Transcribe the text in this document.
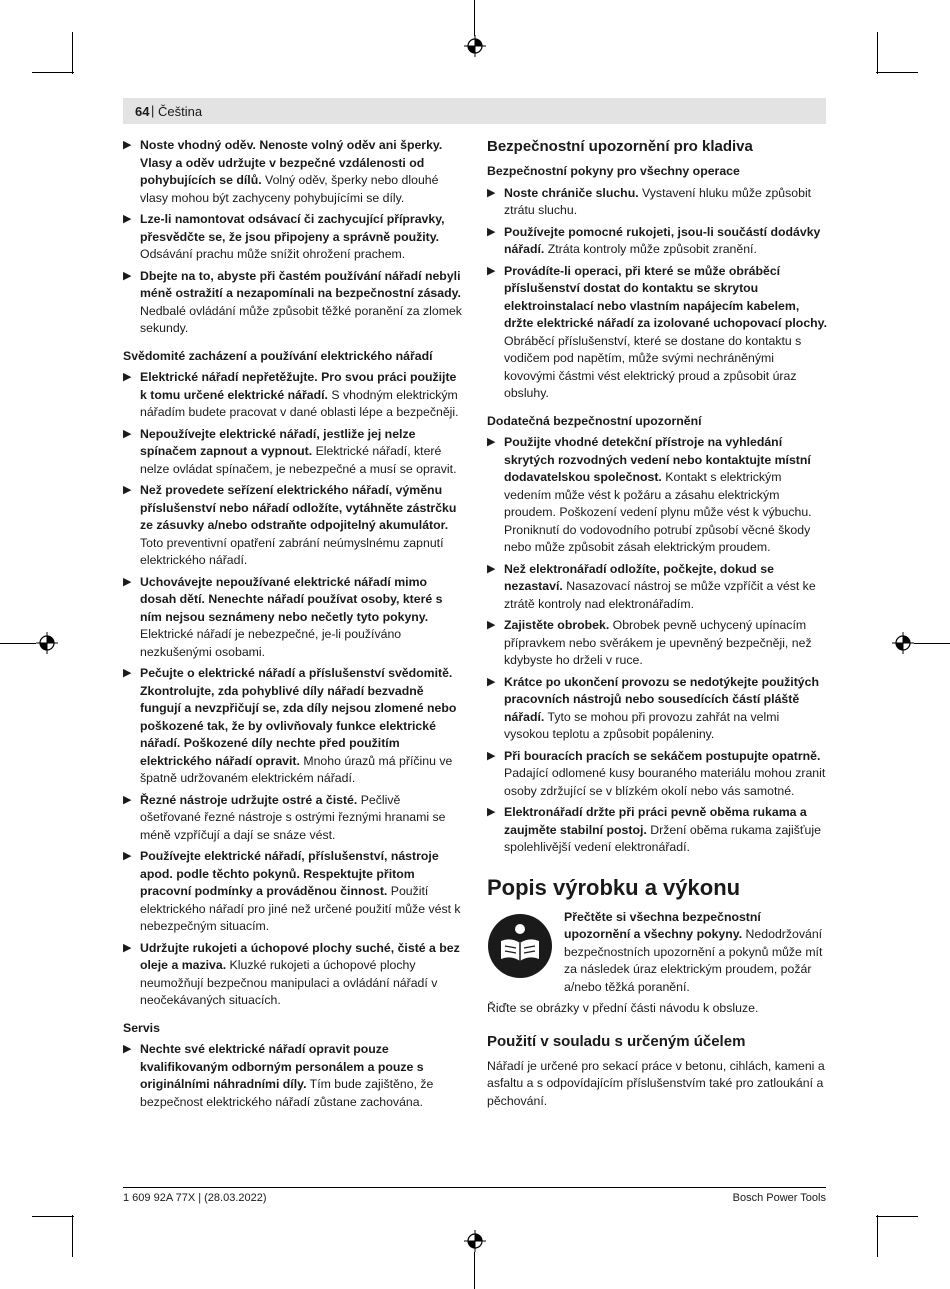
64 | Čeština
▶ Noste vhodný oděv. Nenoste volný oděv ani šperky. Vlasy a oděv udržujte v bezpečné vzdálenosti od pohybujících se dílů. Volný oděv, šperky nebo dlouhé vlasy mohou být zachyceny pohybujícími se díly.
▶ Lze-li namontovat odsávací či zachycující přípravky, přesvědčte se, že jsou připojeny a správně použity. Odsávání prachu může snížit ohrožení prachem.
▶ Dbejte na to, abyste při častém používání nářadí nebyli méně ostražití a nezapomínali na bezpečnostní zásady. Nedbalé ovládání může způsobit těžké poranění za zlomek sekundy.
Svědomité zacházení a používání elektrického nářadí
▶ Elektrické nářadí nepřetěžujte. Pro svou práci použijte k tomu určené elektrické nářadí. S vhodným elektrickým nářadím budete pracovat v dané oblasti lépe a bezpečněji.
▶ Nepoužívejte elektrické nářadí, jestliže jej nelze spínačem zapnout a vypnout. Elektrické nářadí, které nelze ovládat spínačem, je nebezpečné a musí se opravit.
▶ Než provedete seřízení elektrického nářadí, výměnu příslušenství nebo nářadí odložíte, vytáhněte zástrčku ze zásuvky a/nebo odstraňte odpojitelný akumulátor. Toto preventivní opatření zabrání neúmyslnému zapnutí elektrického nářadí.
▶ Uchovávejte nepoužívané elektrické nářadí mimo dosah dětí. Nenechte nářadí používat osoby, které s ním nejsou seznámeny nebo nečetly tyto pokyny. Elektrické nářadí je nebezpečné, je-li používáno nezkušenými osobami.
▶ Pečujte o elektrické nářadí a příslušenství svědomitě. Zkontrolujte, zda pohyblivé díly nářadí bezvadně fungují a nevzpřičují se, zda díly nejsou zlomené nebo poškozené tak, že by ovlivňovaly funkce elektrické nářadí. Poškozené díly nechte před použitím elektrického nářadí opravit. Mnoho úrazů má příčinu ve špatně udržovaném elektrickém nářadí.
▶ Řezné nástroje udržujte ostré a čisté. Pečlivě ošetřované řezné nástroje s ostrými řeznými hranami se méně vzpříčují a dají se snáze vést.
▶ Používejte elektrické nářadí, příslušenství, nástroje apod. podle těchto pokynů. Respektujte přitom pracovní podmínky a prováděnou činnost. Použití elektrického nářadí pro jiné než určené použití může vést k nebezpečným situacím.
▶ Udržujte rukojeti a úchopové plochy suché, čisté a bez oleje a maziva. Kluzké rukojeti a úchopové plochy neumožňují bezpečnou manipulaci a ovládání nářadí v neočekávaných situacích.
Servis
▶ Nechte své elektrické nářadí opravit pouze kvalifikovaným odborným personálem a pouze s originálními náhradními díly. Tím bude zajištěno, že bezpečnost elektrického nářadí zůstane zachována.
Bezpečnostní upozornění pro kladiva
Bezpečnostní pokyny pro všechny operace
▶ Noste chrániče sluchu. Vystavení hluku může způsobit ztrátu sluchu.
▶ Používejte pomocné rukojeti, jsou-li součástí dodávky nářadí. Ztráta kontroly může způsobit zranění.
▶ Provádíte-li operaci, při které se může obráběcí příslušenství dostat do kontaktu se skrytou elektroinstalací nebo vlastním napájecím kabelem, držte elektrické nářadí za izolované uchopovací plochy. Obráběcí příslušenství, které se dostane do kontaktu s vodičem pod napětím, může svými nechráněnými kovovými částmi vést elektrický proud a způsobit úraz obsluhy.
Dodatečná bezpečnostní upozornění
▶ Použijte vhodné detekční přístroje na vyhledání skrytých rozvodných vedení nebo kontaktujte místní dodavatelskou společnost. Kontakt s elektrickým vedením může vést k požáru a zásahu elektrickým proudem. Poškození vedení plynu může vést k výbuchu. Proniknutí do vodovodního potrubí způsobí věcné škody nebo může způsobit zásah elektrickým proudem.
▶ Než elektronářadí odložíte, počkejte, dokud se nezastaví. Nasazovací nástroj se může vzpříčit a vést ke ztrátě kontroly nad elektronářadím.
▶ Zajistěte obrobek. Obrobek pevně uchycený upínacím přípravkem nebo svěrákem je upevněný bezpečněji, než kdybyste ho drželi v ruce.
▶ Krátce po ukončení provozu se nedotýkejte použitých pracovních nástrojů nebo sousedících částí pláště nářadí. Tyto se mohou při provozu zahřát na velmi vysokou teplotu a způsobit popáleniny.
▶ Při bouracích pracích se sekáčem postupujte opatrně. Padající odlomené kusy bouraného materiálu mohou zranit osoby zdržující se v blízkém okolí nebo vás samotné.
▶ Elektronářadí držte při práci pevně oběma rukama a zaujměte stabilní postoj. Držení oběma rukama zajišťuje spolehlivější vedení elektronářadí.
Popis výrobku a výkonu
Přečtěte si všechna bezpečnostní upozornění a všechny pokyny. Nedodržování bezpečnostních upozornění a pokynů může mít za následek úraz elektrickým proudem, požár a/nebo těžká poranění.
Řiďte se obrázky v přední části návodu k obsluze.
Použití v souladu s určeným účelem
Nářadí je určené pro sekací práce v betonu, cihlách, kameni a asfaltu a s odpovídajícím příslušenstvím také pro zatloukání a pěchování.
1 609 92A 77X | (28.03.2022)	Bosch Power Tools
